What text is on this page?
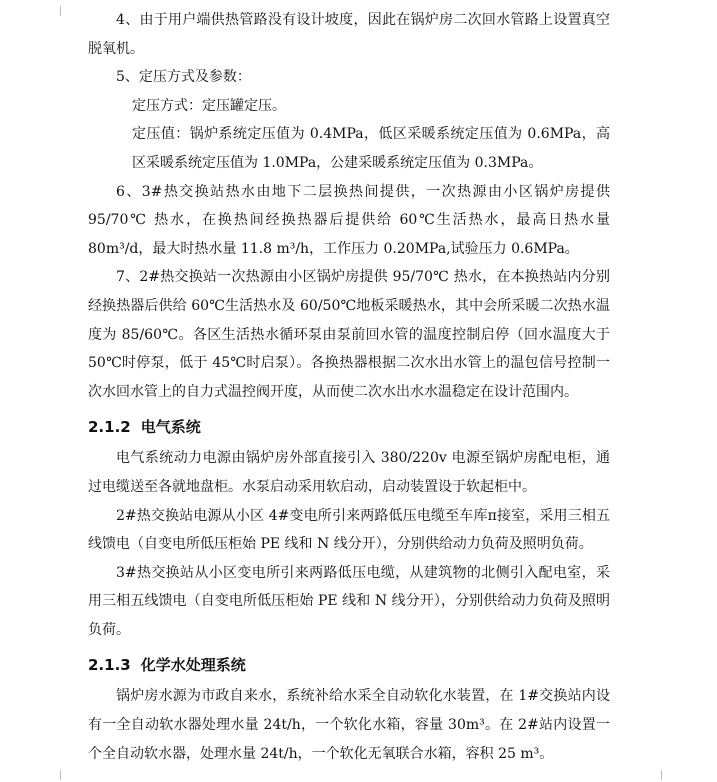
4、由于用户端供热管路没有设计坡度，因此在锅炉房二次回水管路上设置真空脱氧机。

5、定压方式及参数：

定压方式：定压罐定压。

定压值：锅炉系统定压值为 0.4MPa，低区采暖系统定压值为 0.6MPa，高区采暖系统定压值为 1.0MPa，公建采暖系统定压值为 0.3MPa。

6、3#热交换站热水由地下二层换热间提供，一次热源由小区锅炉房提供 95/70℃ 热水，在换热间经换热器后提供给 60℃生活热水，最高日热水量 80m³/d，最大时热水量 11.8 m³/h，工作压力 0.20MPa,试验压力 0.6MPa。

7、2#热交换站一次热源由小区锅炉房提供 95/70℃ 热水，在本换热站内分别经换热器后供给 60℃生活热水及 60/50℃地板采暖热水，其中会所采暖二次热水温度为 85/60℃。各区生活热水循环泵由泵前回水管的温度控制启停（回水温度大于 50℃时停泵，低于 45℃时启泵）。各换热器根据二次水出水管上的温包信号控制一次水回水管上的自力式温控阀开度，从而使二次水出水水温稳定在设计范围内。

2.1.2 电气系统

电气系统动力电源由锅炉房外部直接引入 380/220v 电源至锅炉房配电柜，通过电缆送至各就地盘柜。水泵启动采用软启动，启动装置设于软起柜中。

2#热交换站电源从小区 4#变电所引来两路低压电缆至车库π接室，采用三相五线馈电（自变电所低压柜始 PE 线和 N 线分开），分别供给动力负荷及照明负荷。

3#热交换站从小区变电所引来两路低压电缆，从建筑物的北侧引入配电室，采用三相五线馈电（自变电所低压柜始 PE 线和 N 线分开），分别供给动力负荷及照明负荷。

2.1.3 化学水处理系统

锅炉房水源为市政自来水，系统补给水采全自动软化水装置，在 1#交换站内设有一全自动软水器处理水量 24t/h，一个软化水箱，容量 30m³。在 2#站内设置一个全自动软水器，处理水量 24t/h，一个软化无氧联合水箱，容积 25 m³。
